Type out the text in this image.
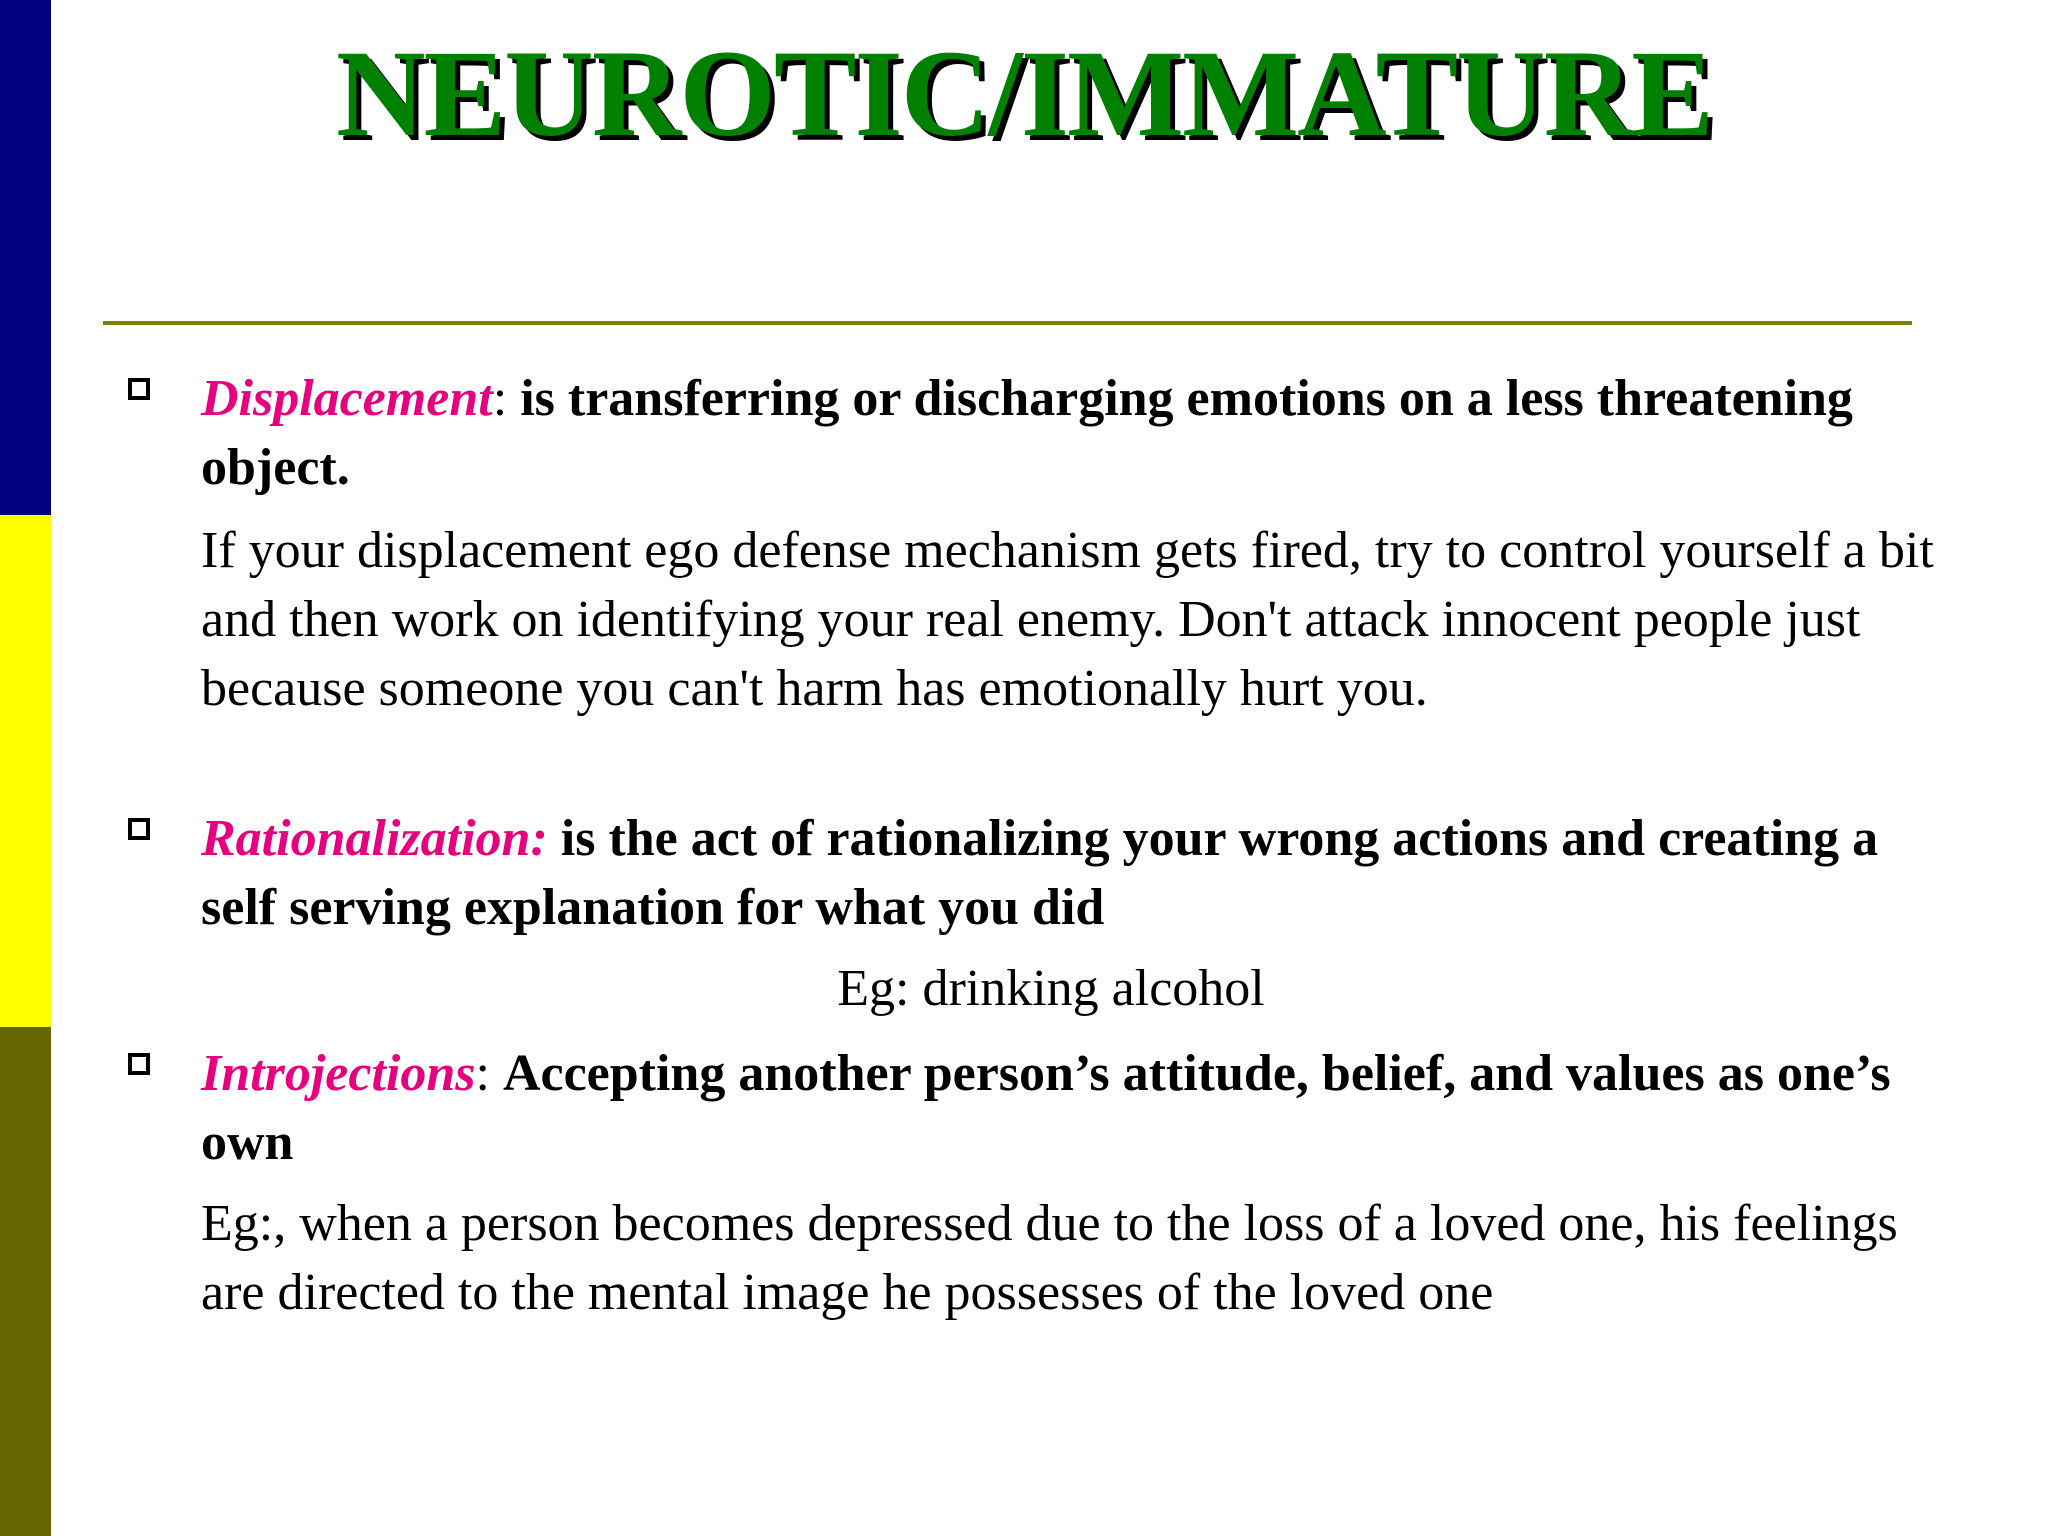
NEUROTIC/IMMATURE
Displacement: is transferring or discharging emotions on a less threatening object.
If your displacement ego defense mechanism gets fired, try to control yourself a bit and then work on identifying your real enemy. Don't attack innocent people just because someone you can't harm has emotionally hurt you.
Rationalization: is the act of rationalizing your wrong actions and creating a self serving explanation for what you did
Eg: drinking alcohol
Introjections: Accepting another person’s attitude, belief, and values as one’s own
Eg:, when a person becomes depressed due to the loss of a loved one, his feelings are directed to the mental image he possesses of the loved one
